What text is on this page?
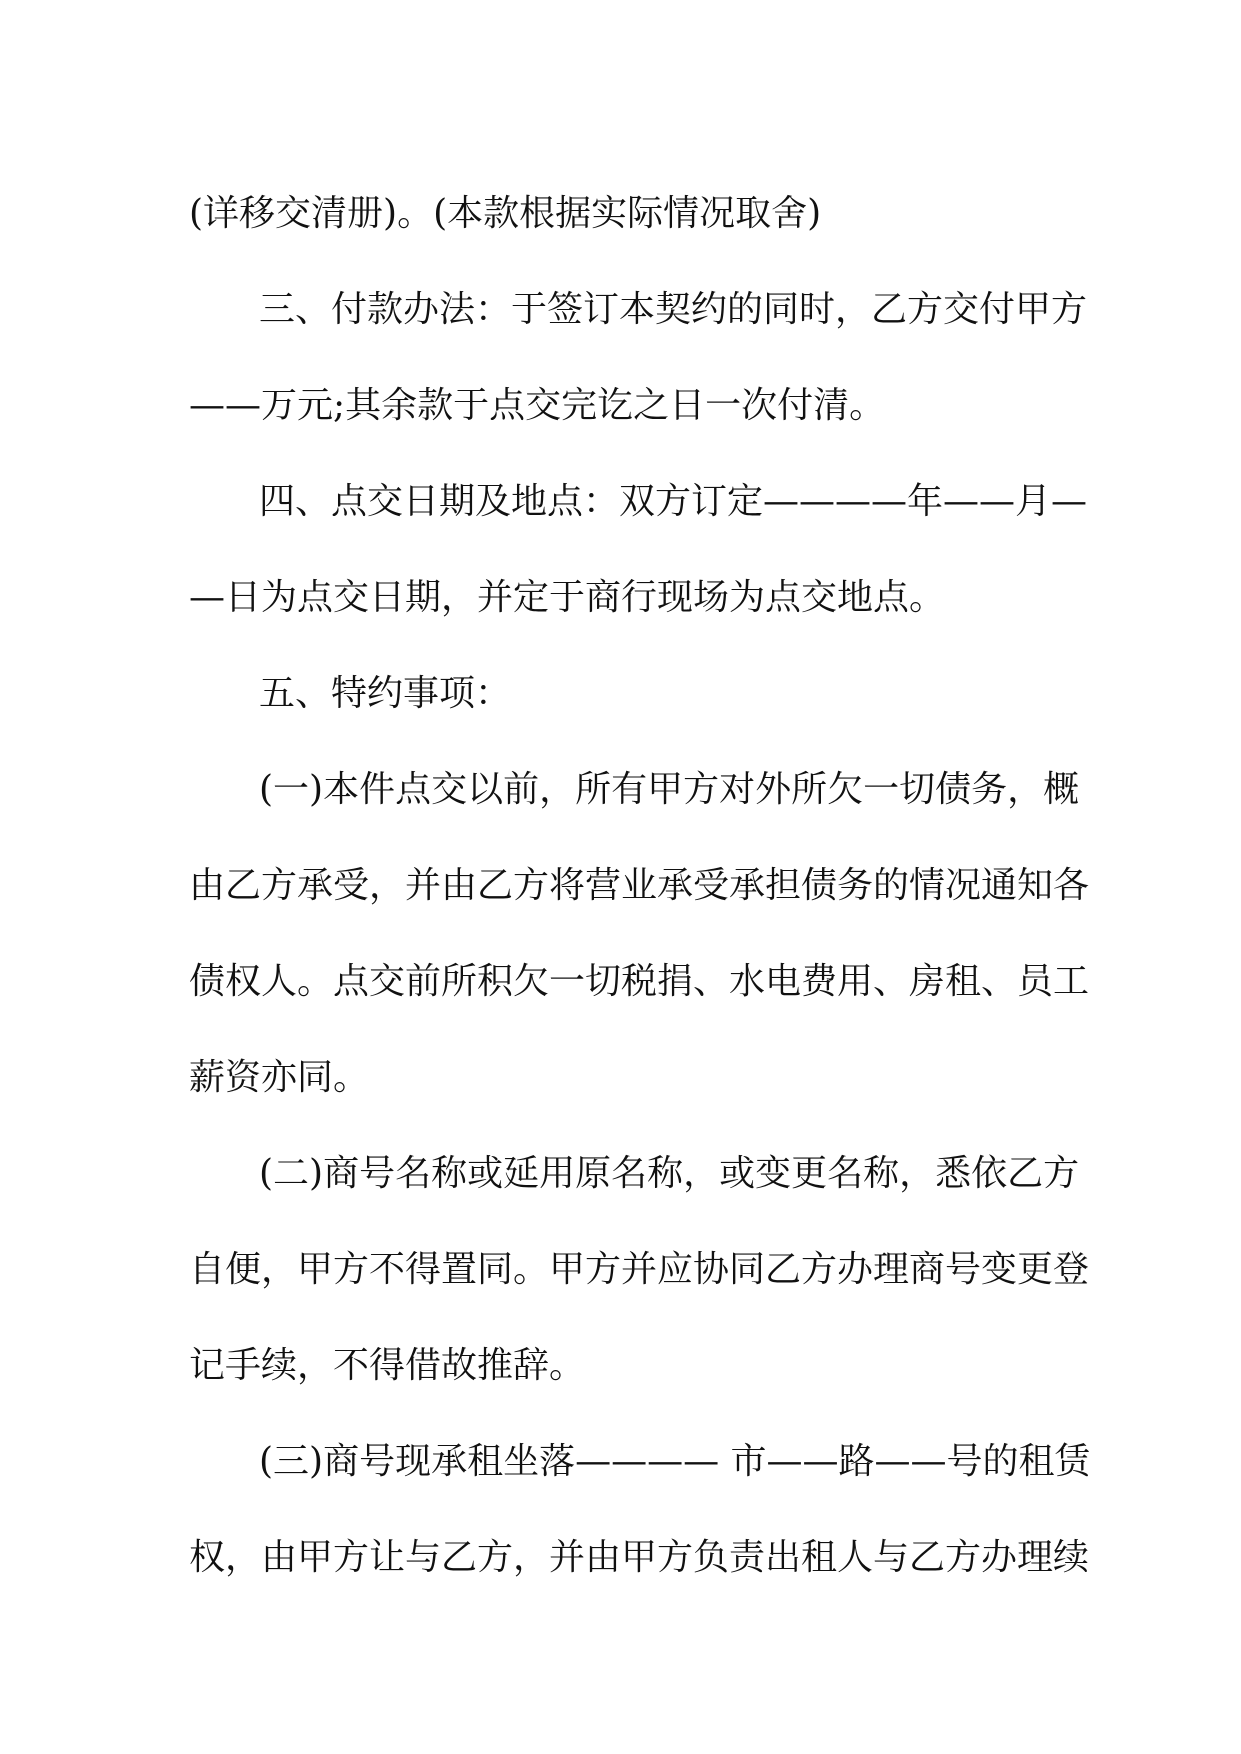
(详移交清册)。(本款根据实际情况取舍)

三、付款办法：于签订本契约的同时，乙方交付甲方

——万元;其余款于点交完讫之日一次付清。

四、点交日期及地点：双方订定————年——月—

—日为点交日期，并定于商行现场为点交地点。

五、特约事项：

(一)本件点交以前，所有甲方对外所欠一切债务，概

由乙方承受，并由乙方将营业承受承担债务的情况通知各

债权人。点交前所积欠一切税捐、水电费用、房租、员工

薪资亦同。

(二)商号名称或延用原名称，或变更名称，悉依乙方

自便，甲方不得置同。甲方并应协同乙方办理商号变更登

记手续，不得借故推辞。

(三)商号现承租坐落———— 市——路——号的租赁

权，由甲方让与乙方，并由甲方负责出租人与乙方办理续
